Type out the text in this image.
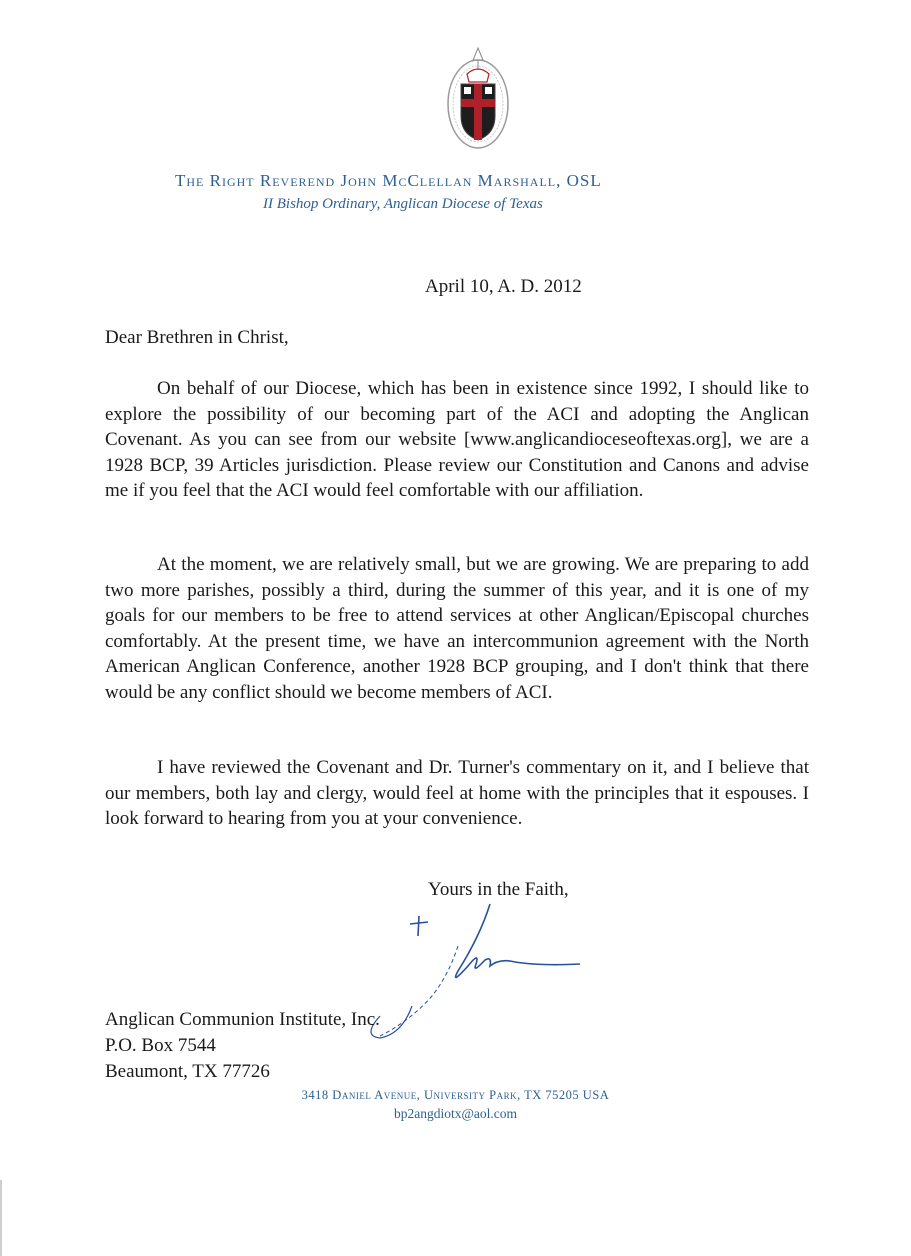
The Right Reverend John McClellan Marshall, OSL
II Bishop Ordinary, Anglican Diocese of Texas
April 10, A. D. 2012
Dear Brethren in Christ,

On behalf of our Diocese, which has been in existence since 1992, I should like to explore the possibility of our becoming part of the ACI and adopting the Anglican Covenant. As you can see from our website [www.anglicandioceseoftexas.org], we are a 1928 BCP, 39 Articles jurisdiction. Please review our Constitution and Canons and advise me if you feel that the ACI would feel comfortable with our affiliation.

At the moment, we are relatively small, but we are growing. We are preparing to add two more parishes, possibly a third, during the summer of this year, and it is one of my goals for our members to be free to attend services at other Anglican/Episcopal churches comfortably. At the present time, we have an intercommunion agreement with the North American Anglican Conference, another 1928 BCP grouping, and I don't think that there would be any conflict should we become members of ACI.

I have reviewed the Covenant and Dr. Turner's commentary on it, and I believe that our members, both lay and clergy, would feel at home with the principles that it espouses. I look forward to hearing from you at your convenience.

Yours in the Faith,
Anglican Communion Institute, Inc.
P.O. Box 7544
Beaumont, TX 77726
3418 Daniel Avenue, University Park, TX 75205 USA
bp2angdiotx@aol.com
